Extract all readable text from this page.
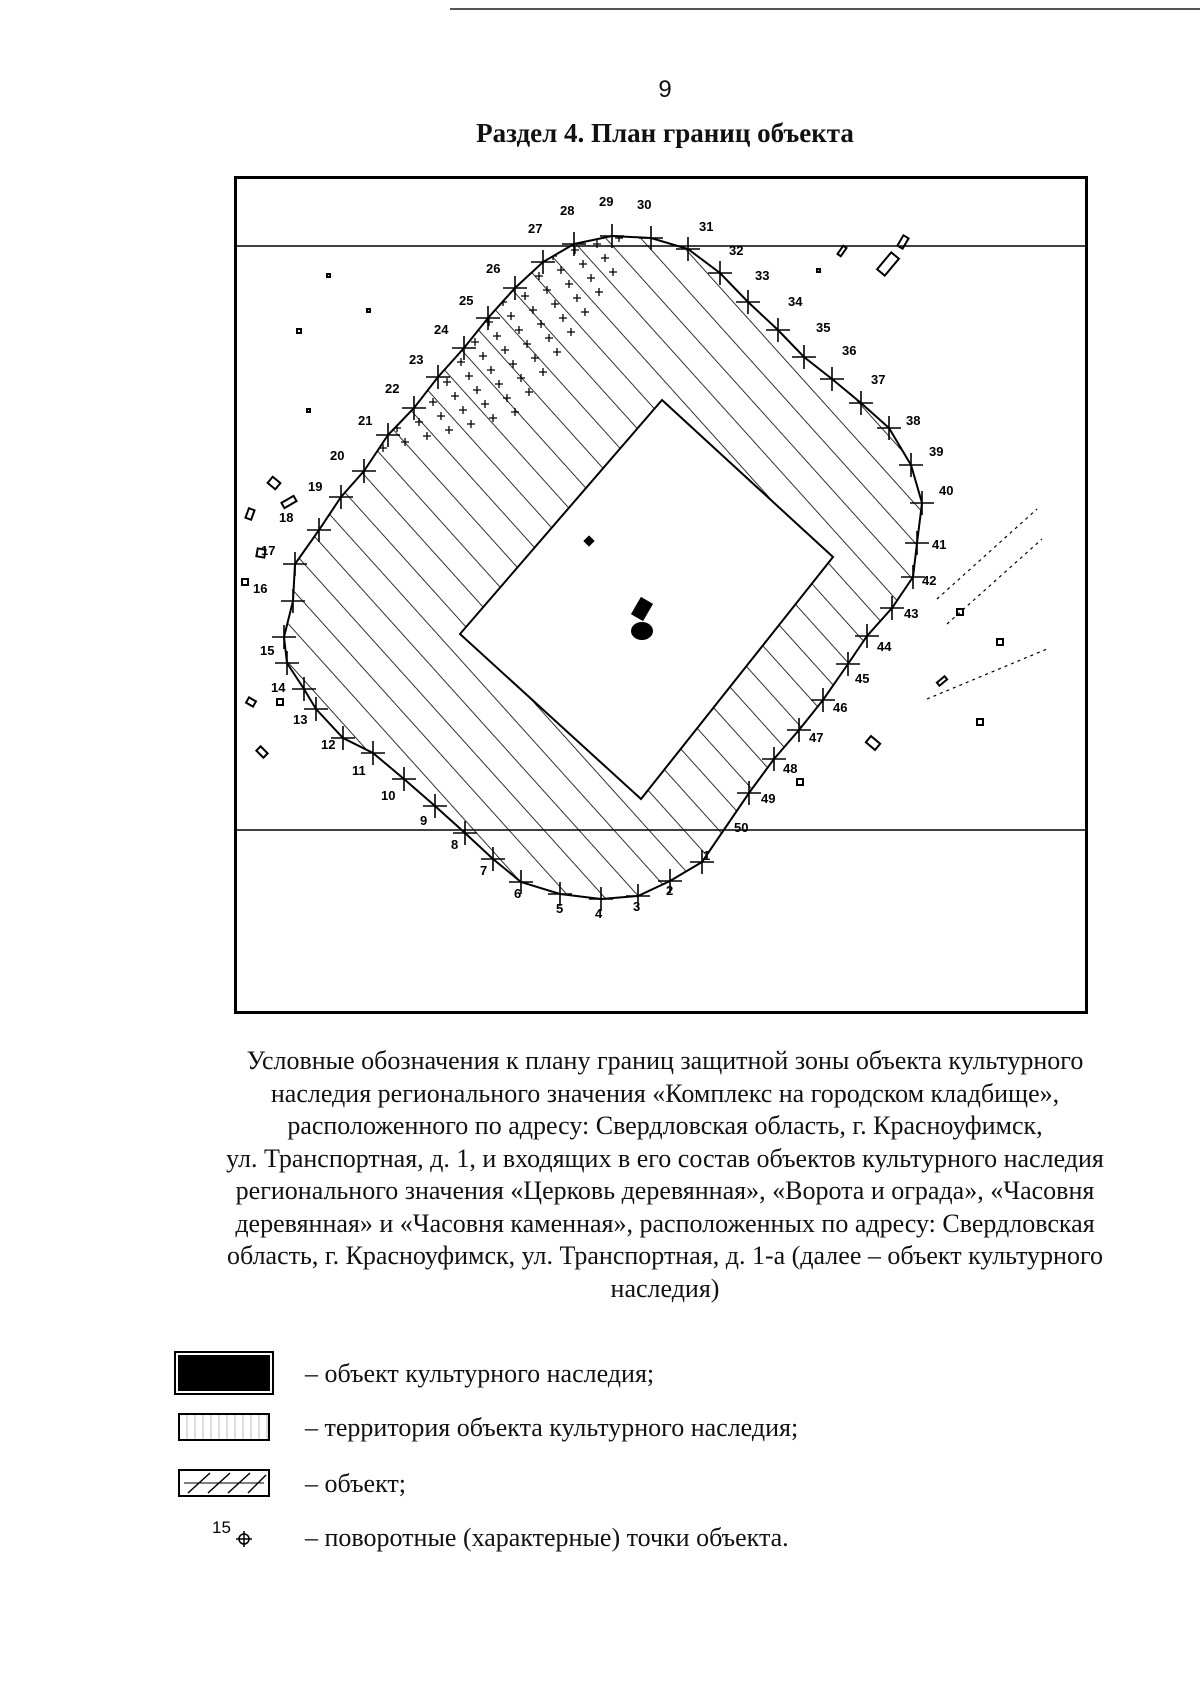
9
Раздел 4. План границ объекта
1
2
3
4
5
6
7
8
9
10
11
12
13
14
15
16
17
18
19
20
21
22
23
24
25
26
27
28
29 30
31
32
33
34
35
36
37
38
39
40
41
42
43
44
45
46
47
48
49
50
Условные обозначения к плану границ защитной зоны объекта культурного
наследия регионального значения «Комплекс на городском кладбище»,
расположенного по адресу: Свердловская область, г. Красноуфимск,
ул. Транспортная, д. 1, и входящих в его состав объектов культурного наследия
регионального значения «Церковь деревянная», «Ворота и ограда», «Часовня
деревянная» и «Часовня каменная», расположенных по адресу: Свердловская
область, г. Красноуфимск, ул. Транспортная, д. 1-а (далее – объект культурного
наследия)
– объект культурного наследия;
– территория объекта культурного наследия;
– объект;
15	– поворотные (характерные) точки объекта.
